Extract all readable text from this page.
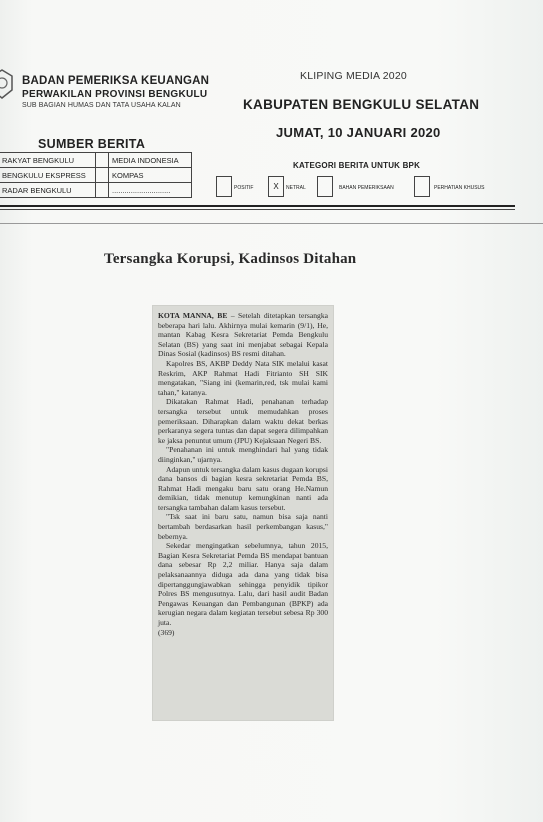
BADAN PEMERIKSA KEUANGAN
PERWAKILAN PROVINSI BENGKULU
SUB BAGIAN HUMAS DAN TATA USAHA KALAN
SUMBER BERITA
RAKYAT BENGKULU		MEDIA INDONESIA
BENGKULU EKSPRESS		KOMPAS
RADAR BENGKULU		............................
KLIPING MEDIA 2020
KABUPATEN BENGKULU SELATAN
JUMAT, 10 JANUARI 2020
KATEGORI BERITA UNTUK BPK
POSITIF	X	NETRAL	BAHAN PEMERIKSAAN	PERHATIAN KHUSUS
Tersangka Korupsi, Kadinsos Ditahan

KOTA MANNA, BE – Setelah ditetapkan tersangka beberapa hari lalu. Akhirnya mulai kemarin (9/1), He, mantan Kabag Kesra Sekretariat Pemda Bengkulu Selatan (BS) yang saat ini menjabat sebagai Kepala Dinas Sosial (kadinsos) BS resmi ditahan.

Kapolres BS, AKBP Deddy Nata SIK melalui kasat Reskrim, AKP Rahmat Hadi Fitrianto SH SIK mengatakan, "Siang ini (kemarin,red, tsk mulai kami tahan," katanya.

Dikatakan Rahmat Hadi, penahanan terhadap tersangka tersebut untuk memudahkan proses pemeriksaan. Diharapkan dalam waktu dekat berkas perkaranya segera tuntas dan dapat segera dilimpahkan ke jaksa penuntut umum (JPU) Kejaksaan Negeri BS.

"Penahanan ini untuk menghindari hal yang tidak diinginkan," ujarnya.

Adapun untuk tersangka dalam kasus dugaan korupsi dana bansos di bagian kesra sekretariat Pemda BS, Rahmat Hadi mengaku baru satu orang He.Namun demikian, tidak menutup kemungkinan nanti ada tersangka tambahan dalam kasus tersebut.

"Tsk saat ini baru satu, namun bisa saja nanti bertambah berdasarkan hasil perkembangan kasus," bebernya.

Sekedar mengingatkan sebelumnya, tahun 2015, Bagian Kesra Sekretariat Pemda BS mendapat bantuan dana sebesar Rp 2,2 miliar. Hanya saja dalam pelaksanaannya diduga ada dana yang tidak bisa dipertanggungjawabkan sehingga penyidik tipikor Polres BS mengusutnya. Lalu, dari hasil audit Badan Pengawas Keuangan dan Pembangunan (BPKP) ada kerugian negara dalam kegiatan tersebut sebesa Rp 300 juta.

(369)
